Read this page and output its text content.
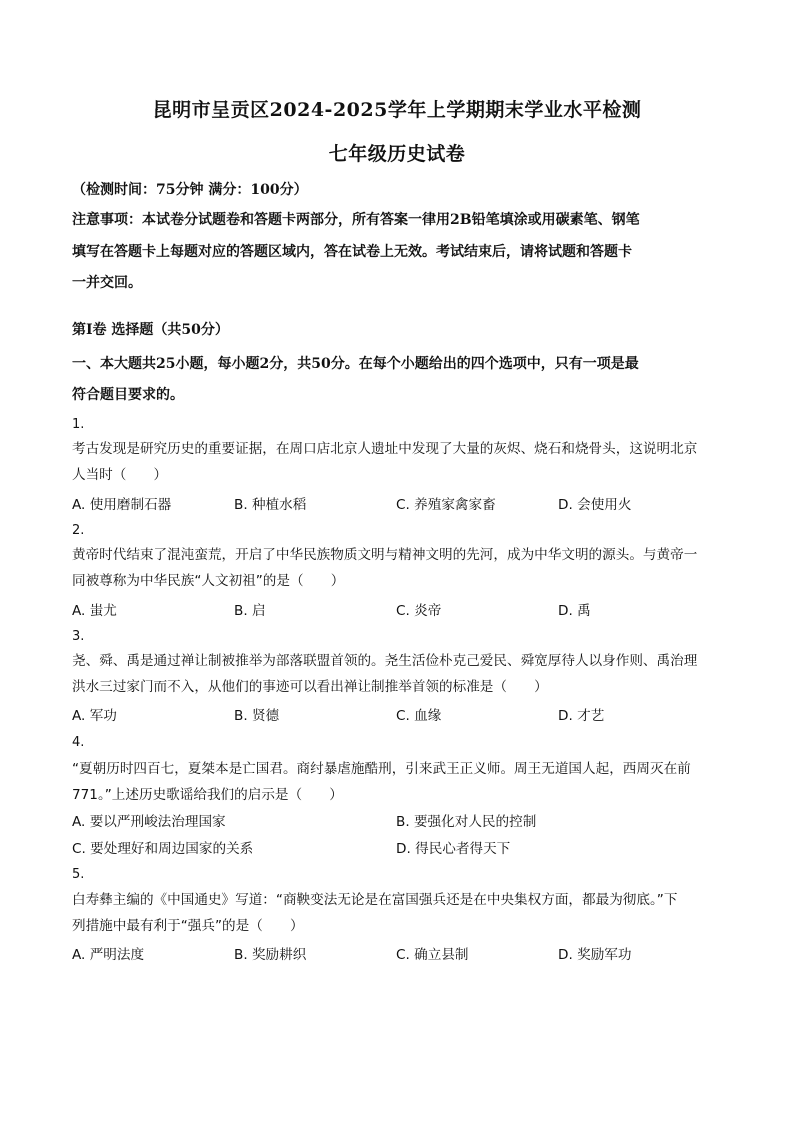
昆明市呈贡区2024-2025学年上学期期末学业水平检测
七年级历史试卷
（检测时间：75分钟 满分：100分）
注意事项：本试卷分试题卷和答题卡两部分，所有答案一律用2B铅笔填涂或用碳素笔、钢笔
填写在答题卡上每题对应的答题区域内，答在试卷上无效。考试结束后，请将试题和答题卡
一并交回。
第I卷 选择题（共50分）
一、本大题共25小题，每小题2分，共50分。在每个小题给出的四个选项中，只有一项是最
符合题目要求的。
1.
考古发现是研究历史的重要证据，在周口店北京人遗址中发现了大量的灰烬、烧石和烧骨头，这说明北京
人当时（　　）
A. 使用磨制石器	B. 种植水稻	C. 养殖家禽家畜	D. 会使用火
2.
黄帝时代结束了混沌蛮荒，开启了中华民族物质文明与精神文明的先河，成为中华文明的源头。与黄帝一
同被尊称为中华民族“人文初祖”的是（　　）
A. 蚩尤	B. 启	C. 炎帝	D. 禹
3.
尧、舜、禹是通过禅让制被推举为部落联盟首领的。尧生活俭朴克己爱民、舜宽厚待人以身作则、禹治理
洪水三过家门而不入，从他们的事迹可以看出禅让制推举首领的标准是（　　）
A. 军功	B. 贤德	C. 血缘	D. 才艺
4.
“夏朝历时四百七，夏桀本是亡国君。商纣暴虐施酷刑，引来武王正义师。周王无道国人起，西周灭在前
771。”上述历史歌谣给我们的启示是（　　）
A. 要以严刑峻法治理国家	B. 要强化对人民的控制
C. 要处理好和周边国家的关系	D. 得民心者得天下
5.
白寿彝主编的《中国通史》写道：“商鞅变法无论是在富国强兵还是在中央集权方面，都最为彻底。”下
列措施中最有利于“强兵”的是（　　）
A. 严明法度	B. 奖励耕织	C. 确立县制	D. 奖励军功
